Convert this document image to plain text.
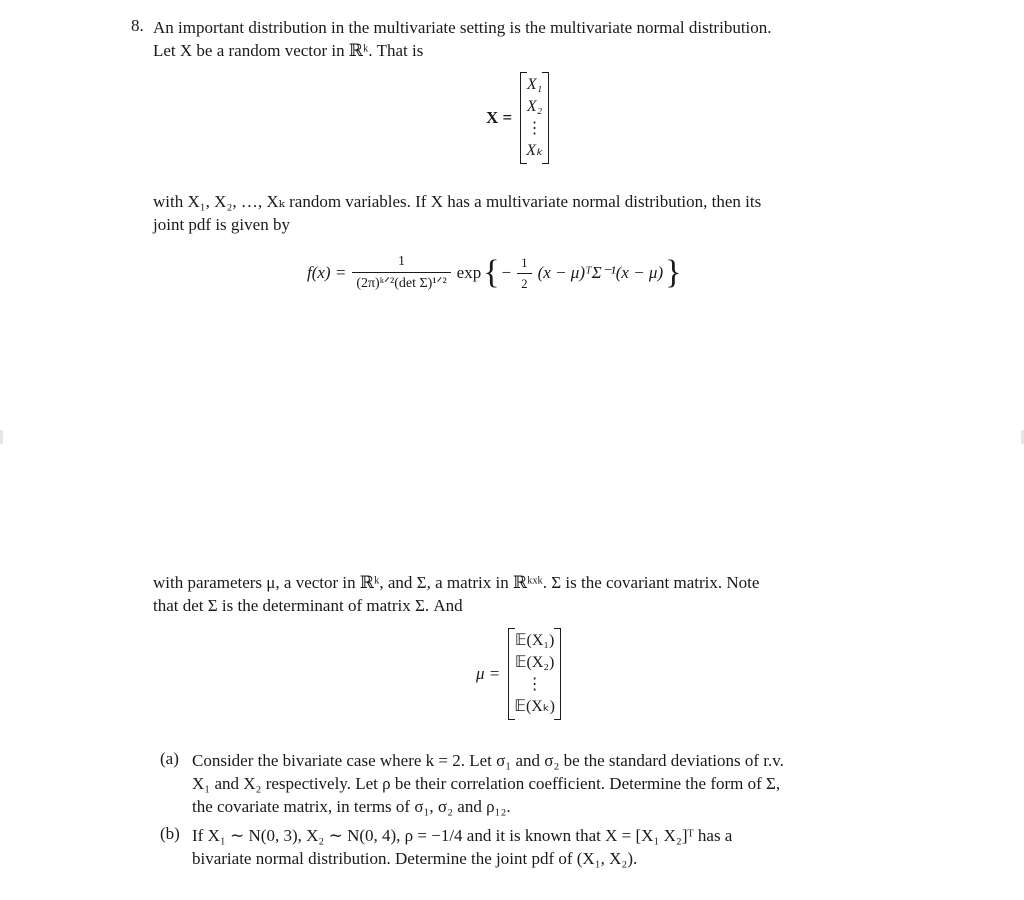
8. An important distribution in the multivariate setting is the multivariate normal distribution.
Let X be a random vector in ℝᵏ. That is
X =
X₁
X₂
⋮
Xₖ
with X₁, X₂, …, Xₖ random variables. If X has a multivariate normal distribution, then its
joint pdf is given by
$f(x) = \frac{1}{\text{(2π)ᵏᐟ²(det Σ)¹ᐟ²}}$ exp { − $\frac{1}{2} (x$ − μ)ᵀΣ⁻¹(x − μ) }
with parameters μ, a vector in ℝᵏ, and Σ, a matrix in ℝᵏˣᵏ. Σ is the covariant matrix. Note
that det Σ is the determinant of matrix Σ. And
μ =
𝔼(X₁)
𝔼(X₂)
⋮
𝔼(Xₖ)
(a) Consider the bivariate case where k = 2. Let σ₁ and σ₂ be the standard deviations of r.v.
X₁ and X₂ respectively. Let ρ be their correlation coefficient. Determine the form of Σ,
the covariate matrix, in terms of σ₁, σ₂ and ρ₁₂.
(b) If X₁ ∼ N(0, 3), X₂ ∼ N(0, 4), ρ = −1/4 and it is known that X = [X₁ X₂]ᵀ has a
bivariate normal distribution. Determine the joint pdf of (X₁, X₂).
